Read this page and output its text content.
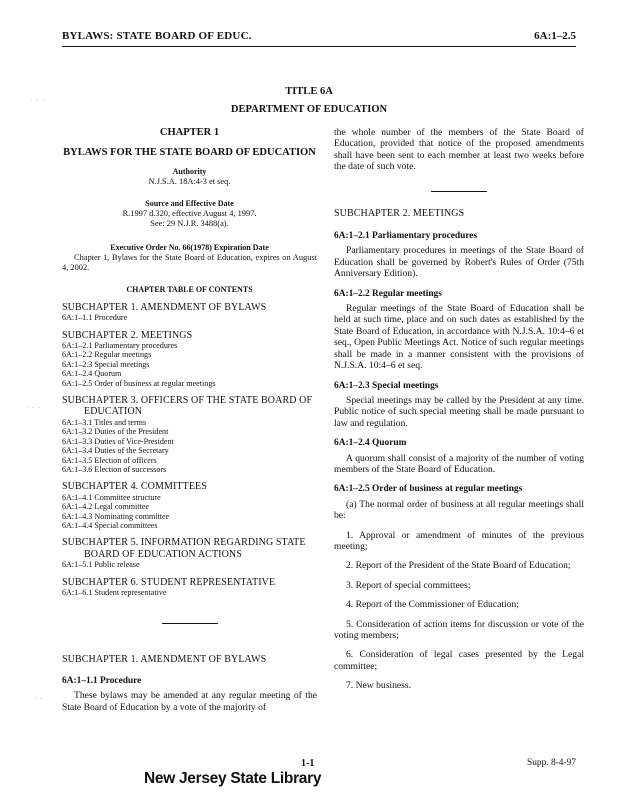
BYLAWS: STATE BOARD OF EDUC.	6A:1–2.5
TITLE 6A
DEPARTMENT OF EDUCATION
CHAPTER 1
BYLAWS FOR THE STATE BOARD OF EDUCATION
Authority
N.J.S.A. 18A:4-3 et seq.
Source and Effective Date
R.1997 d.320, effective August 4, 1997.
See: 29 N.J.R. 3488(a).
Executive Order No. 66(1978) Expiration Date
Chapter 1, Bylaws for the State Board of Education, expires on August 4, 2002.
CHAPTER TABLE OF CONTENTS
SUBCHAPTER 1. AMENDMENT OF BYLAWS
6A:1–1.1 Procedure
SUBCHAPTER 2. MEETINGS
6A:1–2.1 Parliamentary procedures
6A:1–2.2 Regular meetings
6A:1–2.3 Special meetings
6A:1–2.4 Quorum
6A:1–2.5 Order of business at regular meetings
SUBCHAPTER 3. OFFICERS OF THE STATE BOARD OF EDUCATION
6A:1–3.1 Titles and terms
6A:1–3.2 Duties of the President
6A:1–3.3 Duties of Vice-President
6A:1–3.4 Duties of the Secretary
6A:1–3.5 Election of officers
6A:1–3.6 Election of successors
SUBCHAPTER 4. COMMITTEES
6A:1–4.1 Committee structure
6A:1–4.2 Legal committee
6A:1–4.3 Nominating committee
6A:1–4.4 Special committees
SUBCHAPTER 5. INFORMATION REGARDING STATE BOARD OF EDUCATION ACTIONS
6A:1–5.1 Public release
SUBCHAPTER 6. STUDENT REPRESENTATIVE
6A:1–6.1 Student representative
SUBCHAPTER 1. AMENDMENT OF BYLAWS
6A:1–1.1 Procedure
These bylaws may be amended at any regular meeting of the State Board of Education by a vote of the majority of
the whole number of the members of the State Board of Education, provided that notice of the proposed amendments shall have been sent to each member at least two weeks before the date of such vote.
SUBCHAPTER 2. MEETINGS
6A:1–2.1 Parliamentary procedures
Parliamentary procedures in meetings of the State Board of Education shall be governed by Robert's Rules of Order (75th Anniversary Edition).
6A:1–2.2 Regular meetings
Regular meetings of the State Board of Education shall be held at such time, place and on such dates as established by the State Board of Education, in accordance with N.J.S.A. 10:4–6 et seq., Open Public Meetings Act. Notice of such regular meetings shall be made in a manner consistent with the provisions of N.J.S.A. 10:4–6 et seq.
6A:1–2.3 Special meetings
Special meetings may be called by the President at any time. Public notice of such special meeting shall be made pursuant to law and regulation.
6A:1–2.4 Quorum
A quorum shall consist of a majority of the number of voting members of the State Board of Education.
6A:1–2.5 Order of business at regular meetings
(a) The normal order of business at all regular meetings shall be:
1. Approval or amendment of minutes of the previous meeting;
2. Report of the President of the State Board of Education;
3. Report of special committees;
4. Report of the Commissioner of Education;
5. Consideration of action items for discussion or vote of the voting members;
6. Consideration of legal cases presented by the Legal committee;
7. New business.
1-1	Supp. 8-4-97
New Jersey State Library
· · ·
· · ·
· ·
